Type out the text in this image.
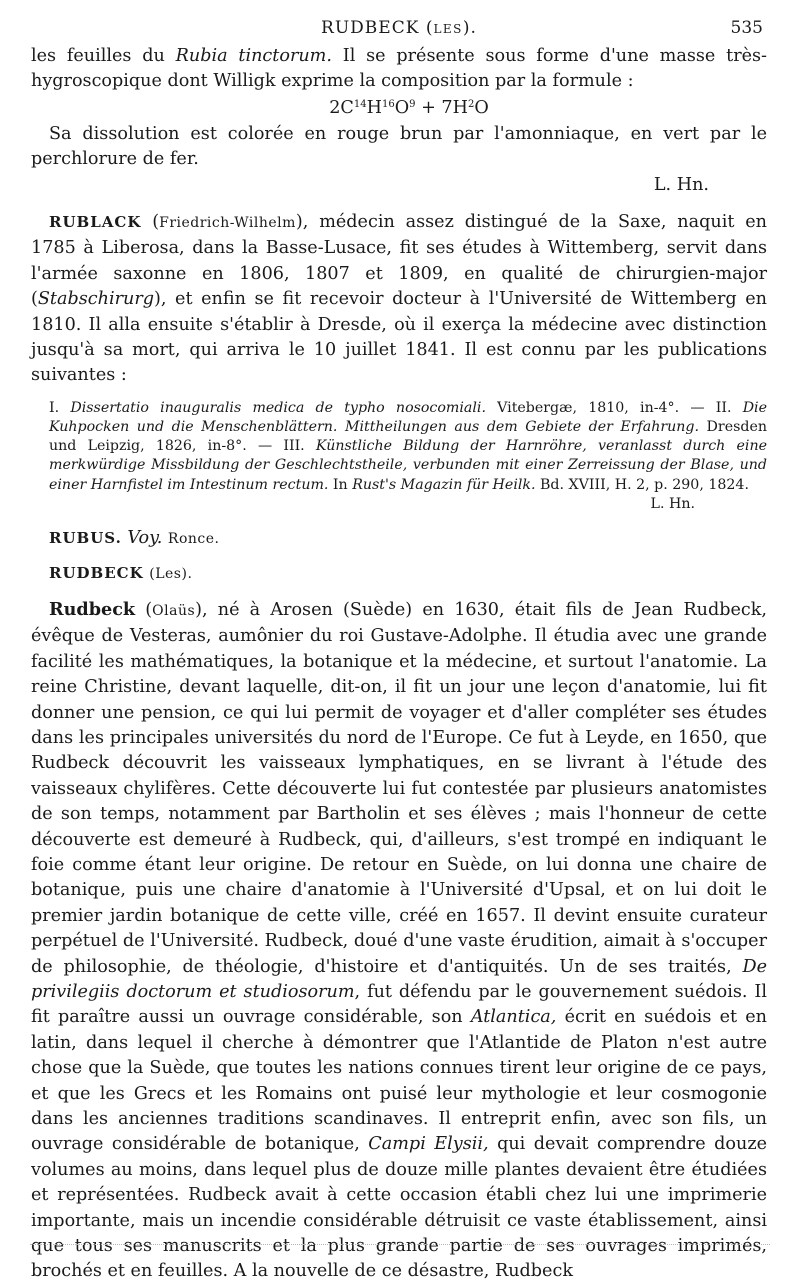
RUDBECK (LES).	535

les feuilles du Rubia tinctorum. Il se présente sous forme d'une masse très-hygroscopique dont Willigk exprime la composition par la formule :

$2C^{14}H^{16}O^9 + 7H^2O$

Sa dissolution est colorée en rouge brun par l'amonniaque, en vert par le perchlorure de fer.

L. Hn.

RUBLACK (Friedrich-Wilhelm), médecin assez distingué de la Saxe, naquit en 1785 à Liberosa, dans la Basse-Lusace, fit ses études à Wittemberg, servit dans l'armée saxonne en 1806, 1807 et 1809, en qualité de chirurgien-major (Stabschirurg), et enfin se fit recevoir docteur à l'Université de Wittemberg en 1810. Il alla ensuite s'établir à Dresde, où il exerça la médecine avec distinction jusqu'à sa mort, qui arriva le 10 juillet 1841. Il est connu par les publications suivantes :

I. Dissertatio inauguralis medica de typho nosocomiali. Vitebergæ, 1810, in-4°. — II. Die Kuhpocken und die Menschenblättern. Mittheilungen aus dem Gebiete der Erfahrung. Dresden und Leipzig, 1826, in-8°. — III. Künstliche Bildung der Harnröhre, veranlasst durch eine merkwürdige Missbildung der Geschlechtstheile, verbunden mit einer Zerreissung der Blase, und einer Harnfistel im Intestinum rectum. In Rust's Magazin für Heilk. Bd. XVIII, H. 2, p. 290, 1824.
L. Hn.

RUBUS. Voy. Ronce.

RUDBECK (Les).

Rudbeck (Olaüs), né à Arosen (Suède) en 1630, était fils de Jean Rudbeck, évêque de Vesteras, aumônier du roi Gustave-Adolphe. Il étudia avec une grande facilité les mathématiques, la botanique et la médecine, et surtout l'anatomie. La reine Christine, devant laquelle, dit-on, il fit un jour une leçon d'anatomie, lui fit donner une pension, ce qui lui permit de voyager et d'aller compléter ses études dans les principales universités du nord de l'Europe. Ce fut à Leyde, en 1650, que Rudbeck découvrit les vaisseaux lymphatiques, en se livrant à l'étude des vaisseaux chylifères. Cette découverte lui fut contestée par plusieurs anatomistes de son temps, notamment par Bartholin et ses élèves ; mais l'honneur de cette découverte est demeuré à Rudbeck, qui, d'ailleurs, s'est trompé en indiquant le foie comme étant leur origine. De retour en Suède, on lui donna une chaire de botanique, puis une chaire d'anatomie à l'Université d'Upsal, et on lui doit le premier jardin botanique de cette ville, créé en 1657. Il devint ensuite curateur perpétuel de l'Université. Rudbeck, doué d'une vaste érudition, aimait à s'occuper de philosophie, de théologie, d'histoire et d'antiquités. Un de ses traités, De privilegiis doctorum et studiosorum, fut défendu par le gouvernement suédois. Il fit paraître aussi un ouvrage considérable, son Atlantica, écrit en suédois et en latin, dans lequel il cherche à démontrer que l'Atlantide de Platon n'est autre chose que la Suède, que toutes les nations connues tirent leur origine de ce pays, et que les Grecs et les Romains ont puisé leur mythologie et leur cosmogonie dans les anciennes traditions scandinaves. Il entreprit enfin, avec son fils, un ouvrage considérable de botanique, Campi Elysii, qui devait comprendre douze volumes au moins, dans lequel plus de douze mille plantes devaient être étudiées et représentées. Rudbeck avait à cette occasion établi chez lui une imprimerie importante, mais un incendie considérable détruisit ce vaste établissement, ainsi que tous ses manuscrits et la plus grande partie de ses ouvrages imprimés, brochés et en feuilles. A la nouvelle de ce désastre, Rudbeck
